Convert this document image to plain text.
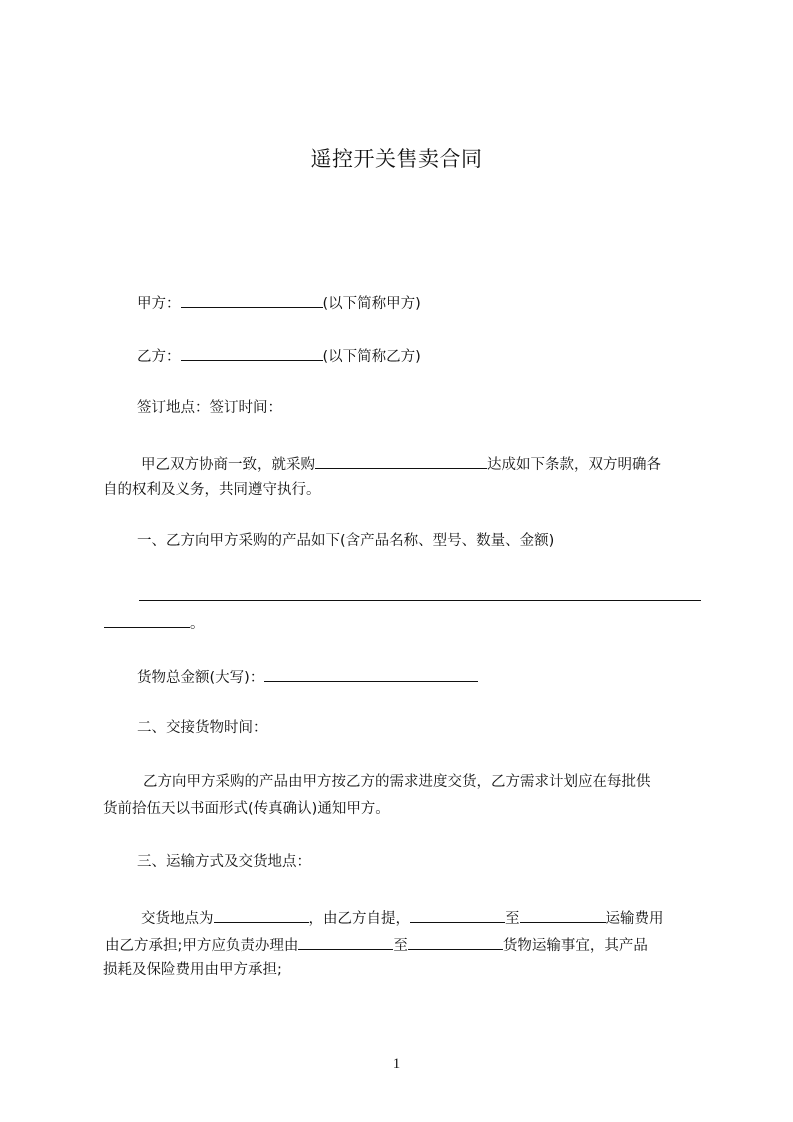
遥控开关售卖合同
甲方：	(以下简称甲方)
乙方：	(以下简称乙方)
签订地点：签订时间：
甲乙双方协商一致，就采购	达成如下条款，双方明确各
自的权利及义务，共同遵守执行。
一、乙方向甲方采购的产品如下(含产品名称、型号、数量、金额)
。
货物总金额(大写)：
二、交接货物时间：
乙方向甲方采购的产品由甲方按乙方的需求进度交货，乙方需求计划应在每批供
货前拾伍天以书面形式(传真确认)通知甲方。
三、运输方式及交货地点：
交货地点为	，由乙方自提，	至	运输费用
由乙方承担;甲方应负责办理由	至	货物运输事宜，其产品
损耗及保险费用由甲方承担;
1
